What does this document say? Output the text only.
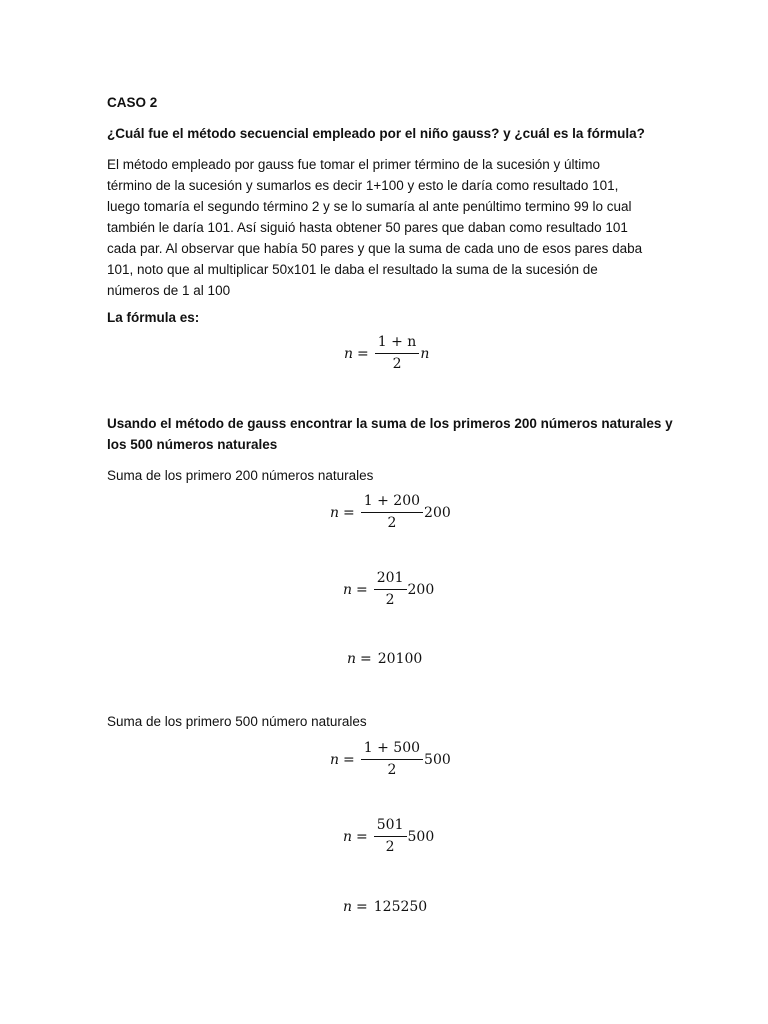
CASO 2
¿Cuál fue el método secuencial empleado por el niño gauss? y ¿cuál es la fórmula?
El método empleado por gauss fue tomar el primer término de la sucesión y último
término de la sucesión y sumarlos es decir 1+100 y esto le daría como resultado 101,
luego tomaría el segundo término 2 y se lo sumaría al ante penúltimo termino 99 lo cual
también le daría 101. Así siguió hasta obtener 50 pares que daban como resultado 101
cada par. Al observar que había 50 pares y que la suma de cada uno de esos pares daba
101, noto que al multiplicar 50x101 le daba el resultado la suma de la sucesión de
números de 1 al 100
La fórmula es:
$n = \frac{1 + n}{2}$ n
Usando el método de gauss encontrar la suma de los primeros 200 números naturales y
los 500 números naturales
Suma de los primero 200 números naturales
$n = \frac{1 + 200}{2} 200$
$n = \frac{201}{2} 200$
n = 20100
Suma de los primero 500 número naturales
$n = \frac{1 + 500}{2} 500$
$n = \frac{501}{2} 500$
n = 125250
